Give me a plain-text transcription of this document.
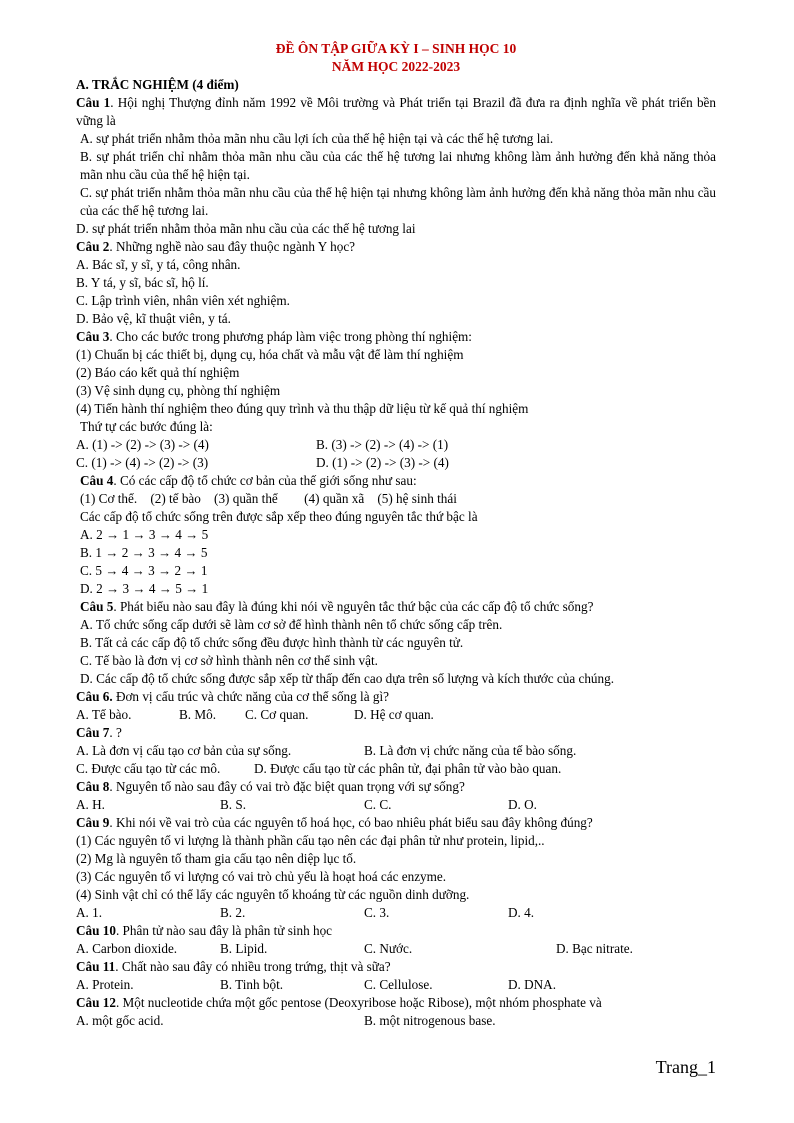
ĐỀ ÔN TẬP GIỮA KỲ I – SINH HỌC 10
NĂM HỌC 2022-2023
A. TRẮC NGHIỆM (4 điểm)
Câu 1. Hội nghị Thượng đỉnh năm 1992 về Môi trường và Phát triển tại Brazil đã đưa ra định nghĩa về phát triển bền vững là
A. sự phát triển nhằm thỏa mãn nhu cầu lợi ích của thế hệ hiện tại và các thế hệ tương lai.
B. sự phát triển chỉ nhằm thỏa mãn nhu cầu của các thế hệ tương lai nhưng không làm ảnh hưởng đến khả năng thỏa mãn nhu cầu của thế hệ hiện tại.
C. sự phát triển nhằm thỏa mãn nhu cầu của thế hệ hiện tại nhưng không làm ảnh hưởng đến khả năng thỏa mãn nhu cầu của các thế hệ tương lai.
D. sự phát triển nhằm thỏa mãn nhu cầu của các thế hệ tương lai
Câu 2. Những nghề nào sau đây thuộc ngành Y học?
A. Bác sĩ, y sĩ, y tá, công nhân.
B. Y tá, y sĩ, bác sĩ, hộ lí.
C. Lập trình viên, nhân viên xét nghiệm.
D. Bảo vệ, kĩ thuật viên, y tá.
Câu 3. Cho các bước trong phương pháp làm việc trong phòng thí nghiệm:
(1) Chuẩn bị các thiết bị, dụng cụ, hóa chất và mẫu vật để làm thí nghiệm
(2) Báo cáo kết quả thí nghiệm
(3) Vệ sinh dụng cụ, phòng thí nghiệm
(4) Tiến hành thí nghiệm theo đúng quy trình và thu thập dữ liệu từ kế quả thí nghiệm
Thứ tự các bước đúng là:
A. (1) -> (2) -> (3) -> (4)	B. (3) -> (2) -> (4) -> (1)
C. (1) -> (4) -> (2) -> (3)	D. (1) -> (2) -> (3) -> (4)
Câu 4. Có các cấp độ tổ chức cơ bản của thế giới sống như sau:
(1) Cơ thể.    (2) tế bào    (3) quần thể        (4) quần xã    (5) hệ sinh thái
Các cấp độ tổ chức sống trên được sắp xếp theo đúng nguyên tắc thứ bậc là
A. 2 → 1 → 3 → 4 → 5B. 1 → 2 → 3 → 4 → 5
C. 5 → 4 → 3 → 2 → 1D. 2 → 3 → 4 → 5 → 1
Câu 5. Phát biểu nào sau đây là đúng khi nói về nguyên tắc thứ bậc của các cấp độ tổ chức sống?
A. Tổ chức sống cấp dưới sẽ làm cơ sở để hình thành nên tổ chức sống cấp trên.
B. Tất cả các cấp độ tổ chức sống đều được hình thành từ các nguyên tử.
C. Tế bào là đơn vị cơ sở hình thành nên cơ thể sinh vật.
D. Các cấp độ tổ chức sống được sắp xếp từ thấp đến cao dựa trên số lượng và kích thước của chúng.
Câu 6. Đơn vị cấu trúc và chức năng của cơ thể sống là gì?
A. Tế bào.	B. Mô. C. Cơ quan.	D. Hệ cơ quan.
Câu 7. ?
A. Là đơn vị cấu tạo cơ bản của sự sống.	B. Là đơn vị chức năng của tế bào sống.
C. Được cấu tạo từ các mô.	D. Được cấu tạo từ các phân tử, đại phân tử vào bào quan.
Câu 8. Nguyên tố nào sau đây có vai trò đặc biệt quan trọng với sự sống?
A. H.	B. S.	C. C.	D. O.
Câu 9. Khi nói về vai trò của các nguyên tố hoá học, có bao nhiêu phát biểu sau đây không đúng?
(1) Các nguyên tố vi lượng là thành phần cấu tạo nên các đại phân tử như protein, lipid,..
(2) Mg là nguyên tố tham gia cấu tạo nên diệp lục tố.
(3) Các nguyên tố vi lượng có vai trò chủ yếu là hoạt hoá các enzyme.
(4) Sinh vật chỉ có thể lấy các nguyên tố khoáng từ các nguồn dinh dưỡng.
A. 1.	B. 2.	C. 3.	D. 4.
Câu 10. Phân tử nào sau đây là phân tử sinh học
A. Carbon dioxide.	B. Lipid.	C. Nước.	D. Bạc nitrate.
Câu 11. Chất nào sau đây có nhiều trong trứng, thịt và sữa?
A. Protein.	B. Tinh bột.	C. Cellulose.	D. DNA.
Câu 12. Một nucleotide chứa một gốc pentose (Deoxyribose hoặc Ribose), một nhóm phosphate và
A. một gốc acid.	B. một nitrogenous base.
Trang_1
